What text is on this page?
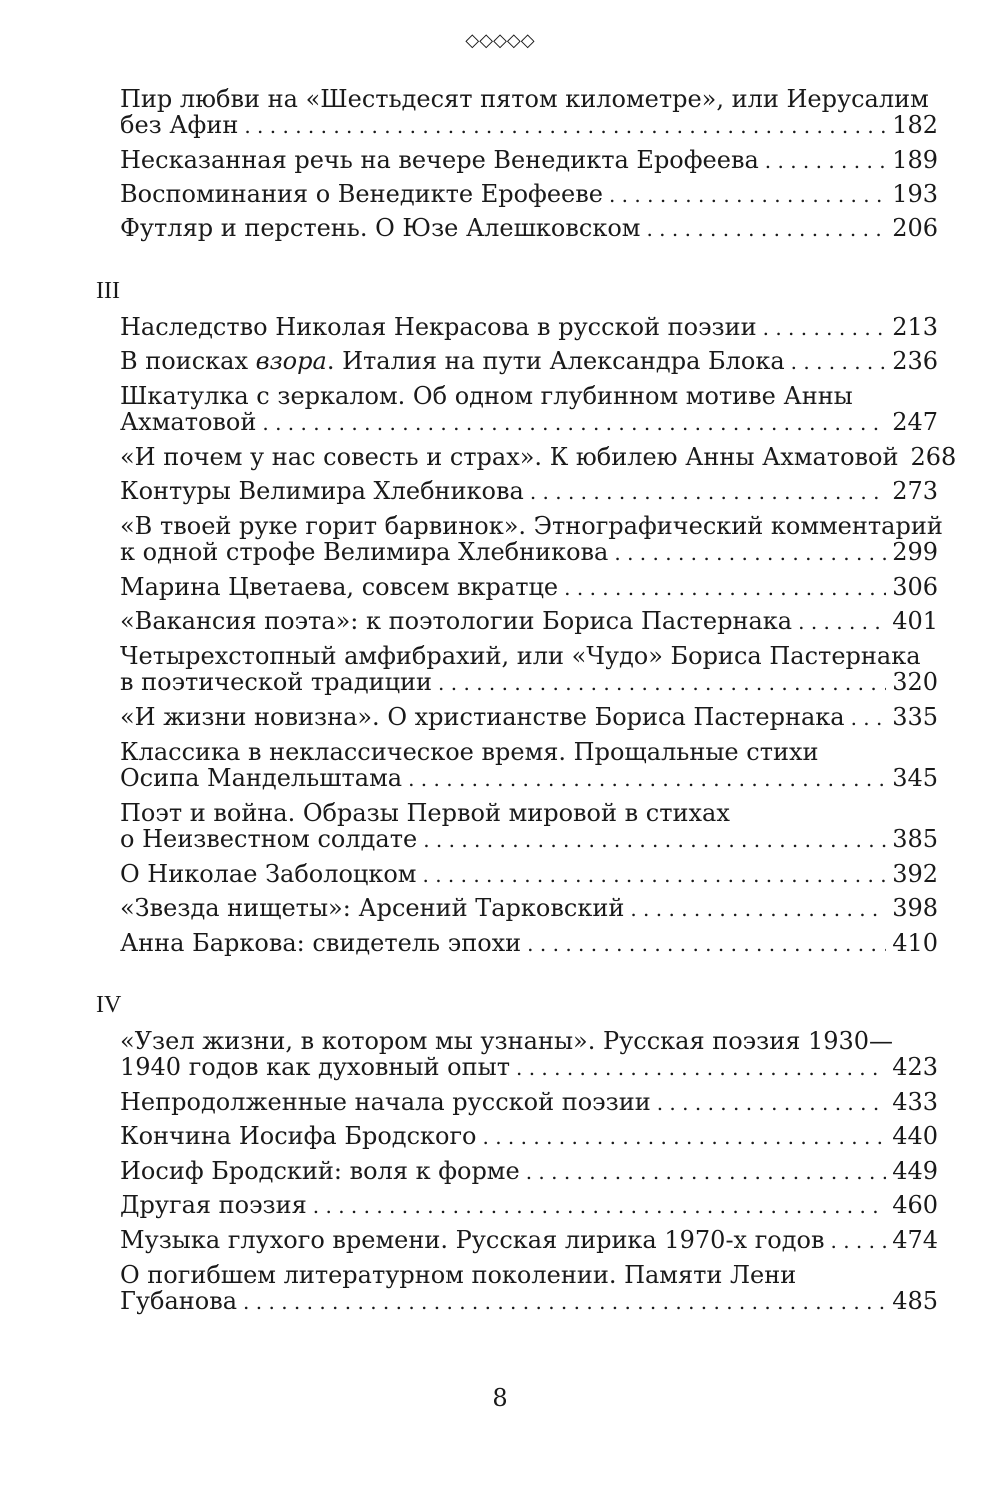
◇◇◇◇◇
Пир любви на «Шестьдесят пятом километре», или Иерусалим
без Афин . . .	182
Несказанная речь на вечере Венедикта Ерофеева . . .	189
Воспоминания о Венедикте Ерофееве . . .	193
Футляр и перстень. О Юзе Алешковском . . .	206
III
Наследство Николая Некрасова в русской поэзии . . .	213
В поисках взора. Италия на пути Александра Блока . . .	236
Шкатулка с зеркалом. Об одном глубинном мотиве Анны
Ахматовой . . .	247
«И почем у нас совесть и страх». К юбилею Анны Ахматовой 268
Контуры Велимира Хлебникова . . .	273
«В твоей руке горит барвинок». Этнографический комментарий
к одной строфе Велимира Хлебникова . . .	299
Марина Цветаева, совсем вкратце . . .	306
«Вакансия поэта»: к поэтологии Бориса Пастернака . . .	401
Четырехстопный амфибрахий, или «Чудо» Бориса Пастернака
в поэтической традиции . . .	320
«И жизни новизна». О христианстве Бориса Пастернака . . . 335
Классика в неклассическое время. Прощальные стихи
Осипа Мандельштама . . .	345
Поэт и война. Образы Первой мировой в стихах
о Неизвестном солдате . . .	385
О Николае Заболоцком . . .	392
«Звезда нищеты»: Арсений Тарковский . . .	398
Анна Баркова: свидетель эпохи . . .	410
IV
«Узел жизни, в котором мы узнаны». Русская поэзия 1930—
1940 годов как духовный опыт . . .	423
Непродолженные начала русской поэзии . . .	433
Кончина Иосифа Бродского . . .	440
Иосиф Бродский: воля к форме . . .	449
Другая поэзия . . .	460
Музыка глухого времени. Русская лирика 1970-х годов . . .	474
О погибшем литературном поколении. Памяти Лени
Губанова . . .	485
8
